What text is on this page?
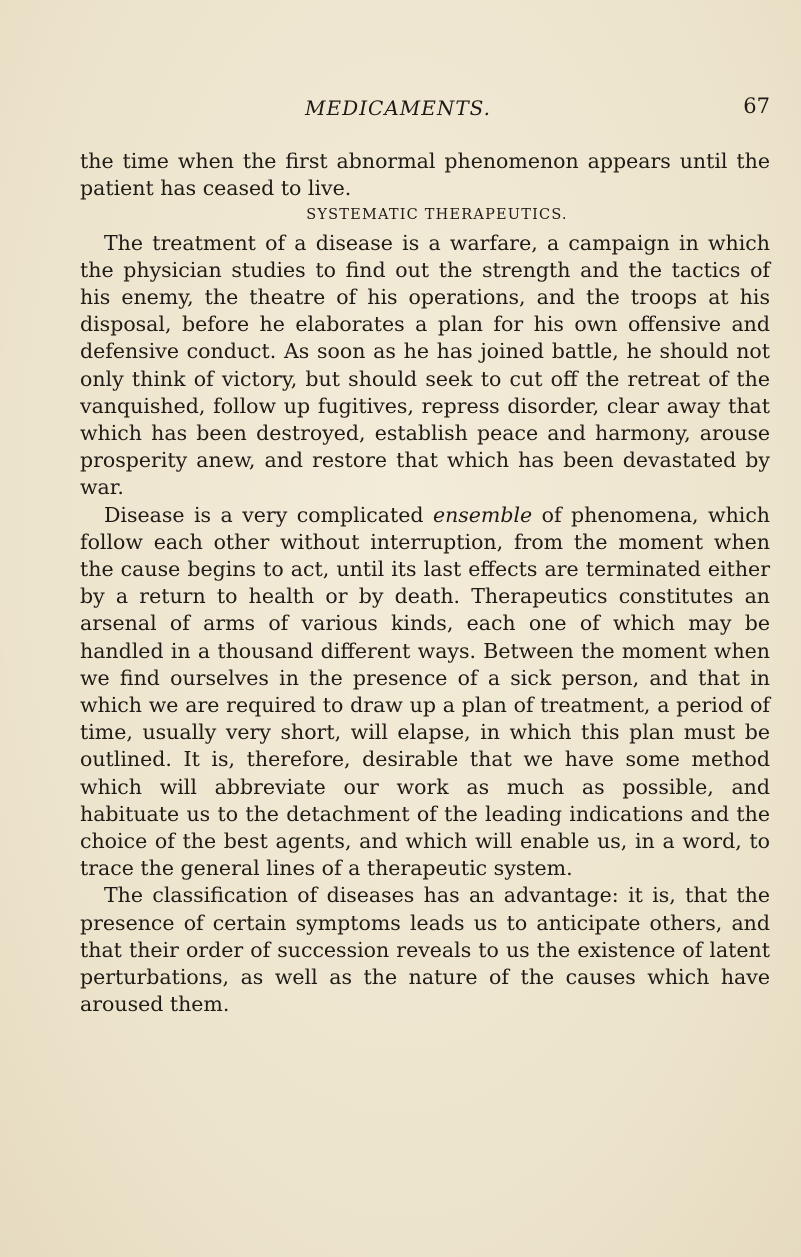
MEDICAMENTS.	67

the time when the first abnormal phenomenon appears until the patient has ceased to live.

SYSTEMATIC THERAPEUTICS.

The treatment of a disease is a warfare, a campaign in which the physician studies to find out the strength and the tactics of his enemy, the theatre of his operations, and the troops at his disposal, before he elaborates a plan for his own offensive and defensive conduct. As soon as he has joined battle, he should not only think of victory, but should seek to cut off the retreat of the vanquished, follow up fugitives, repress disorder, clear away that which has been destroyed, establish peace and harmony, arouse prosperity anew, and restore that which has been devastated by war.

Disease is a very complicated ensemble of phenomena, which follow each other without interruption, from the moment when the cause begins to act, until its last effects are terminated either by a return to health or by death. Therapeutics constitutes an arsenal of arms of various kinds, each one of which may be handled in a thousand different ways. Between the moment when we find ourselves in the presence of a sick person, and that in which we are required to draw up a plan of treatment, a period of time, usually very short, will elapse, in which this plan must be outlined. It is, therefore, desirable that we have some method which will abbreviate our work as much as possible, and habituate us to the detachment of the leading indications and the choice of the best agents, and which will enable us, in a word, to trace the general lines of a therapeutic system.

The classification of diseases has an advantage: it is, that the presence of certain symptoms leads us to anticipate others, and that their order of succession reveals to us the existence of latent perturbations, as well as the nature of the causes which have aroused them.
